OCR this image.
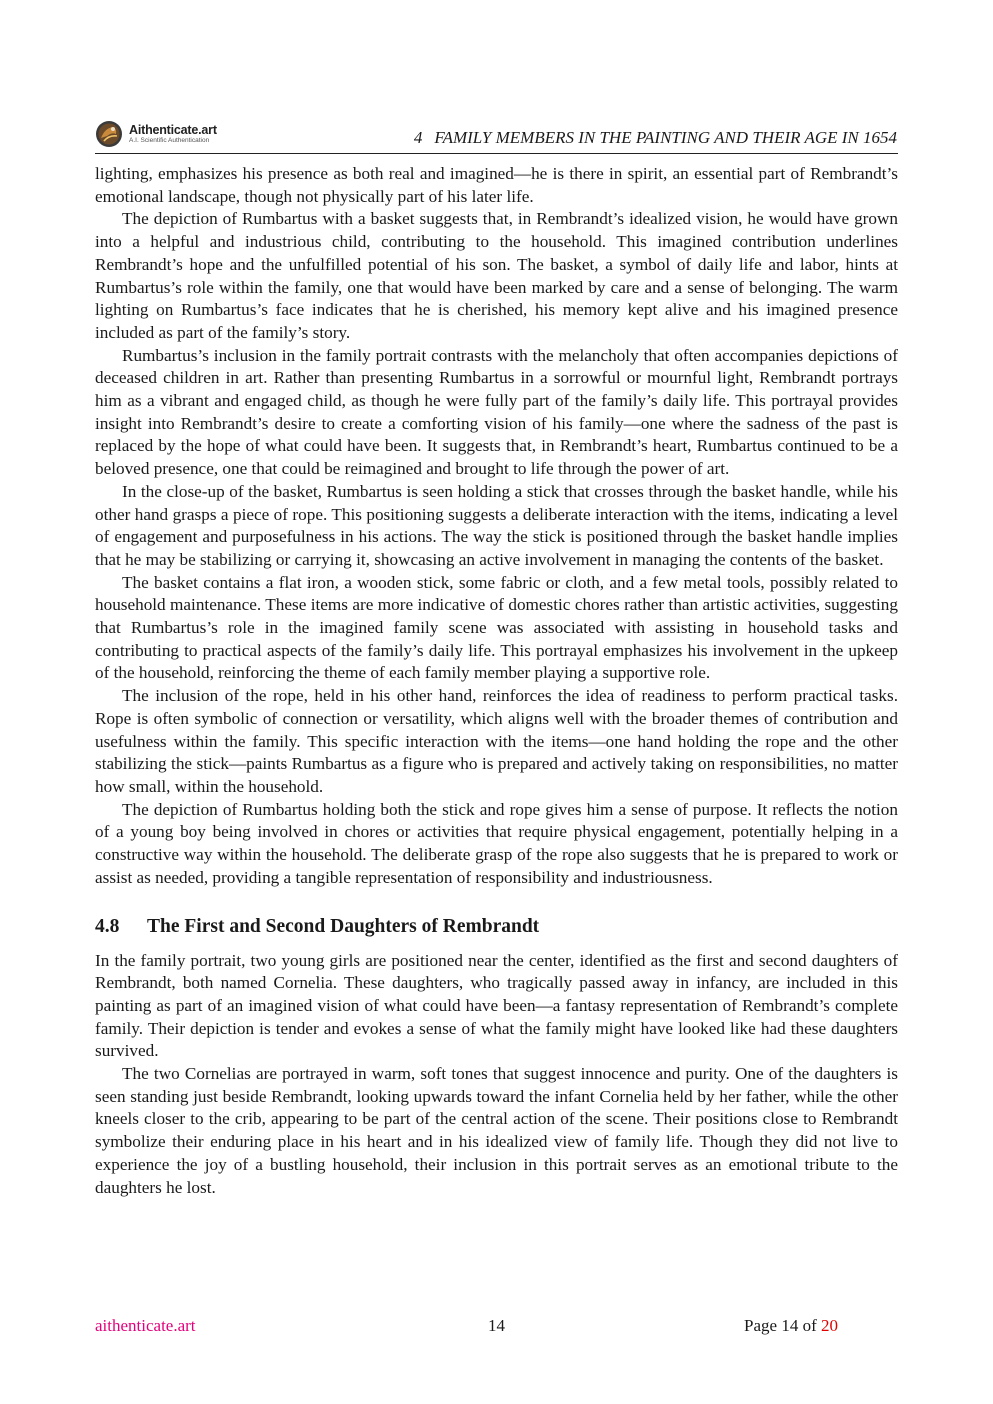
Aithenticate.art
A.I. Scientific Authentication	4 FAMILY MEMBERS IN THE PAINTING AND THEIR AGE IN 1654

lighting, emphasizes his presence as both real and imagined—he is there in spirit, an essential part of Rembrandt’s emotional landscape, though not physically part of his later life.

The depiction of Rumbartus with a basket suggests that, in Rembrandt’s idealized vision, he would have grown into a helpful and industrious child, contributing to the household. This imagined contribution underlines Rembrandt’s hope and the unfulfilled potential of his son. The basket, a symbol of daily life and labor, hints at Rumbartus’s role within the family, one that would have been marked by care and a sense of belonging. The warm lighting on Rumbartus’s face indicates that he is cherished, his memory kept alive and his imagined presence included as part of the family’s story.

Rumbartus’s inclusion in the family portrait contrasts with the melancholy that often accompanies depictions of deceased children in art. Rather than presenting Rumbartus in a sorrowful or mournful light, Rembrandt portrays him as a vibrant and engaged child, as though he were fully part of the family’s daily life. This portrayal provides insight into Rembrandt’s desire to create a comforting vision of his family—one where the sadness of the past is replaced by the hope of what could have been. It suggests that, in Rembrandt’s heart, Rumbartus continued to be a beloved presence, one that could be reimagined and brought to life through the power of art.

In the close-up of the basket, Rumbartus is seen holding a stick that crosses through the basket handle, while his other hand grasps a piece of rope. This positioning suggests a deliberate interaction with the items, indicating a level of engagement and purposefulness in his actions. The way the stick is positioned through the basket handle implies that he may be stabilizing or carrying it, showcasing an active involvement in managing the contents of the basket.

The basket contains a flat iron, a wooden stick, some fabric or cloth, and a few metal tools, possibly related to household maintenance. These items are more indicative of domestic chores rather than artistic activities, suggesting that Rumbartus’s role in the imagined family scene was associated with assisting in household tasks and contributing to practical aspects of the family’s daily life. This portrayal emphasizes his involvement in the upkeep of the household, reinforcing the theme of each family member playing a supportive role.

The inclusion of the rope, held in his other hand, reinforces the idea of readiness to perform practical tasks. Rope is often symbolic of connection or versatility, which aligns well with the broader themes of contribution and usefulness within the family. This specific interaction with the items—one hand holding the rope and the other stabilizing the stick—paints Rumbartus as a figure who is prepared and actively taking on responsibilities, no matter how small, within the household.

The depiction of Rumbartus holding both the stick and rope gives him a sense of purpose. It reflects the notion of a young boy being involved in chores or activities that require physical engagement, potentially helping in a constructive way within the household. The deliberate grasp of the rope also suggests that he is prepared to work or assist as needed, providing a tangible representation of responsibility and industriousness.

4.8 The First and Second Daughters of Rembrandt

In the family portrait, two young girls are positioned near the center, identified as the first and second daughters of Rembrandt, both named Cornelia. These daughters, who tragically passed away in infancy, are included in this painting as part of an imagined vision of what could have been—a fantasy representation of Rembrandt’s complete family. Their depiction is tender and evokes a sense of what the family might have looked like had these daughters survived.

The two Cornelias are portrayed in warm, soft tones that suggest innocence and purity. One of the daughters is seen standing just beside Rembrandt, looking upwards toward the infant Cornelia held by her father, while the other kneels closer to the crib, appearing to be part of the central action of the scene. Their positions close to Rembrandt symbolize their enduring place in his heart and in his idealized view of family life. Though they did not live to experience the joy of a bustling household, their inclusion in this portrait serves as an emotional tribute to the daughters he lost.

aithenticate.art	14	Page 14 of 20
